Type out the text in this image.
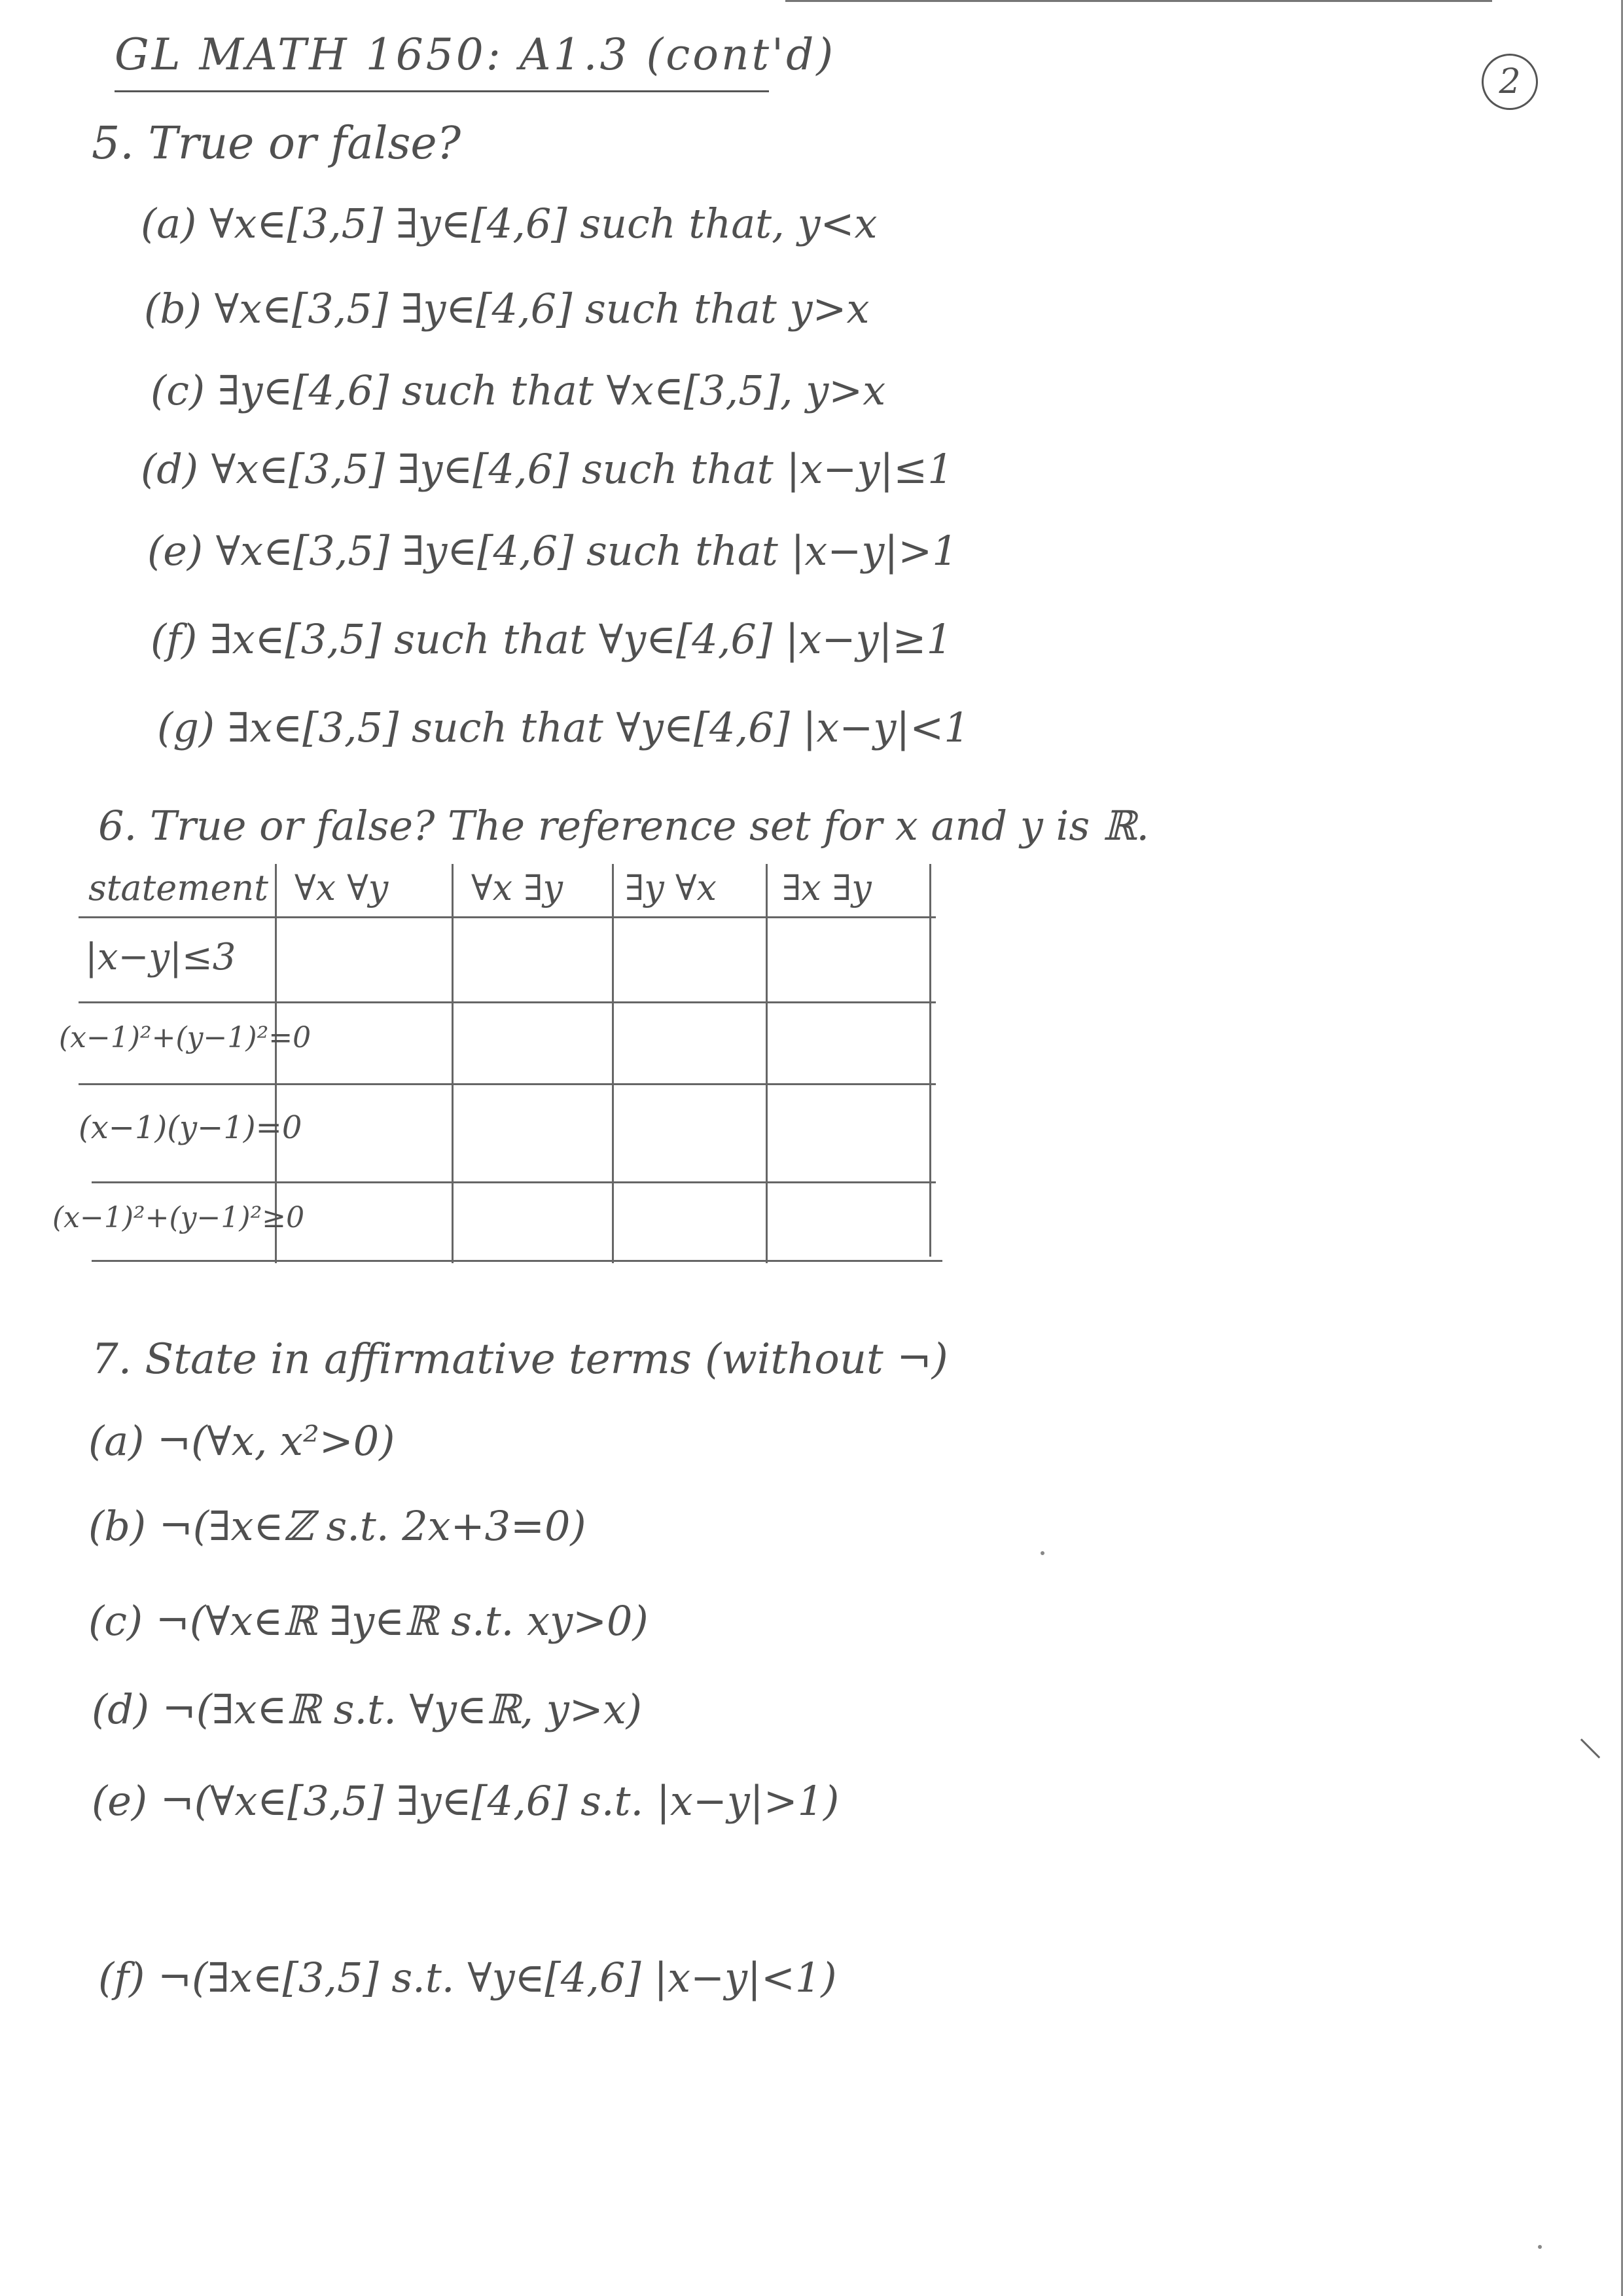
GL MATH 1650: A1.3 (cont'd)
2
5. True or false?
(a) ∀x∈[3,5] ∃y∈[4,6] such that, y<x
(b) ∀x∈[3,5] ∃y∈[4,6] such that y>x
(c) ∃y∈[4,6] such that ∀x∈[3,5], y>x
(d) ∀x∈[3,5] ∃y∈[4,6] such that |x−y|≤1
(e) ∀x∈[3,5] ∃y∈[4,6] such that |x−y|>1
(f) ∃x∈[3,5] such that ∀y∈[4,6] |x−y|≥1
(g) ∃x∈[3,5] such that ∀y∈[4,6] |x−y|<1
6. True or false? The reference set for x and y is ℝ.
statement ∀x ∀y ∀x ∃y ∃y ∀x ∃x ∃y
|x−y|≤3
(x−1)²+(y−1)²=0
(x−1)(y−1)=0
(x−1)²+(y−1)²≥0
7. State in affirmative terms (without ¬)
(a) ¬(∀x, x²>0)
(b) ¬(∃x∈ℤ s.t. 2x+3=0)
(c) ¬(∀x∈ℝ ∃y∈ℝ s.t. xy>0)
(d) ¬(∃x∈ℝ s.t. ∀y∈ℝ, y>x)
(e) ¬(∀x∈[3,5] ∃y∈[4,6] s.t. |x−y|>1)
(f) ¬(∃x∈[3,5] s.t. ∀y∈[4,6] |x−y|<1)
